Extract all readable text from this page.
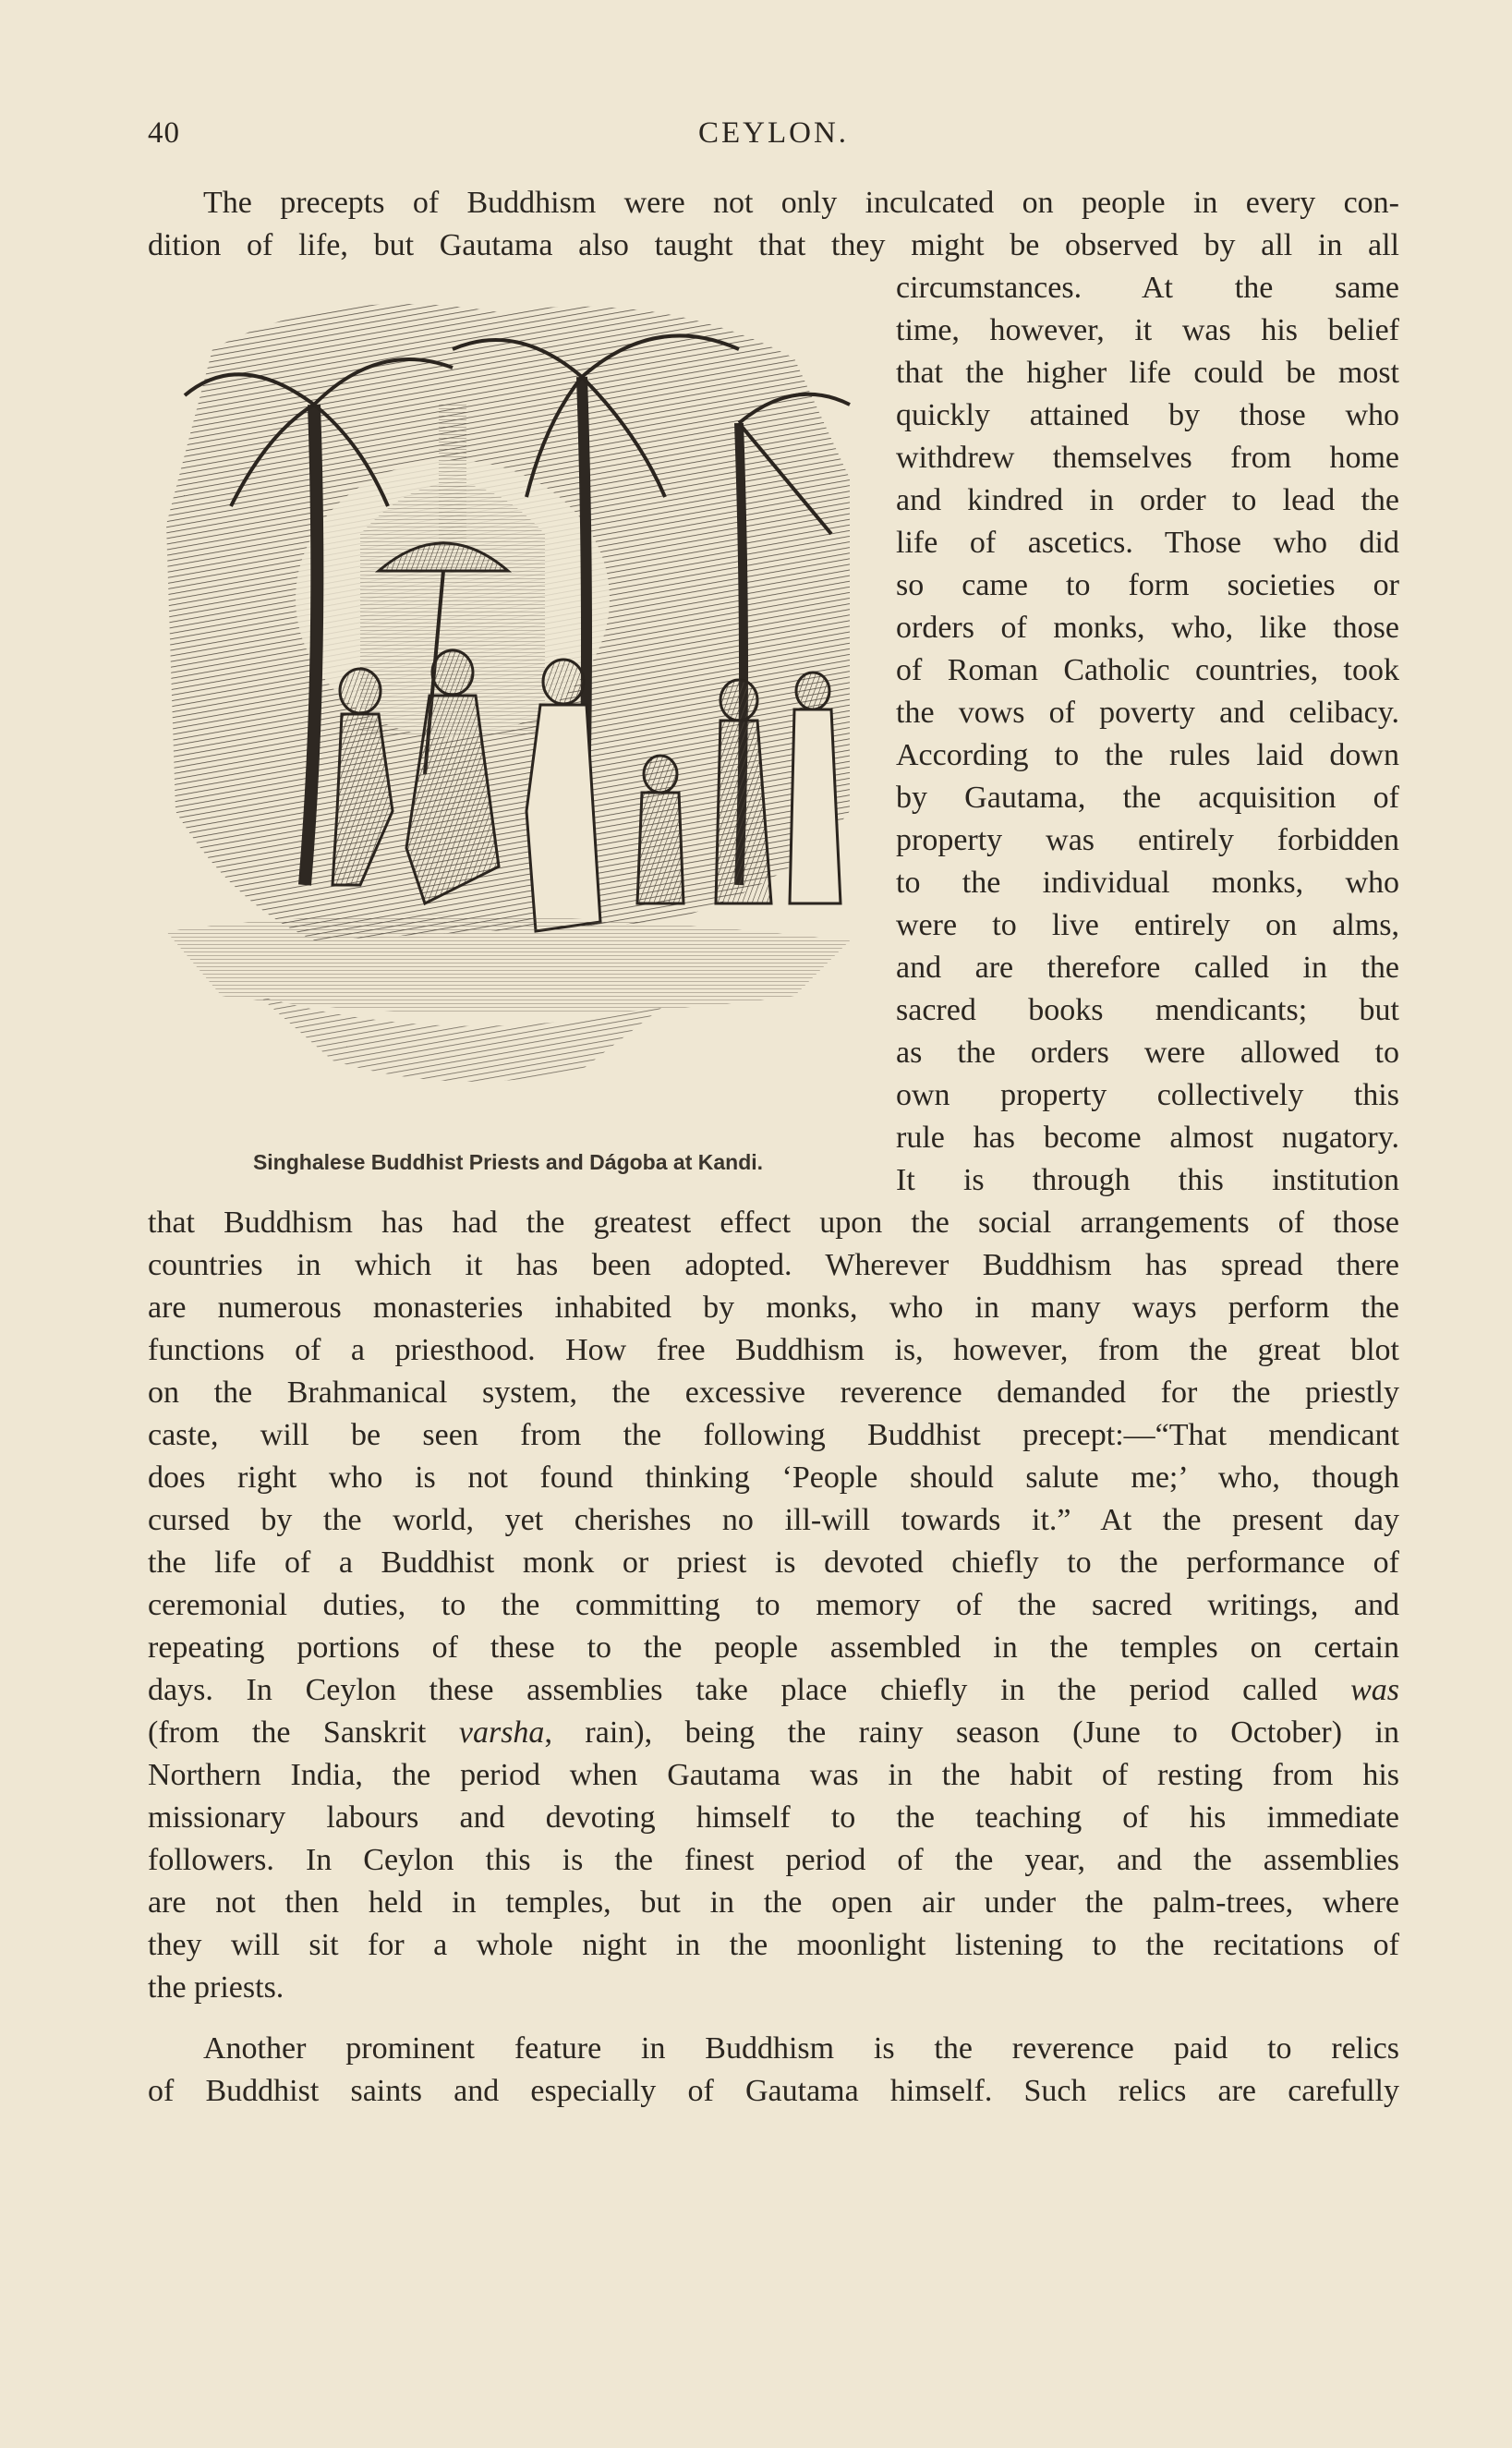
40	CEYLON.
The precepts of Buddhism were not only inculcated on people in every con-
dition of life, but Gautama also taught that they might be observed by all in all
circumstances. At the same
time, however, it was his belief
that the higher life could be most
quickly attained by those who
withdrew themselves from home
and kindred in order to lead the
life of ascetics. Those who did
so came to form societies or
orders of monks, who, like those
of Roman Catholic countries, took
the vows of poverty and celibacy.
According to the rules laid down
by Gautama, the acquisition of
property was entirely forbidden
to the individual monks, who
were to live entirely on alms,
and are therefore called in the
sacred books mendicants; but
as the orders were allowed to
own property collectively this
rule has become almost nugatory.
It is through this institution
Singhalese Buddhist Priests and Dágoba at Kandi.
that Buddhism has had the greatest effect upon the social arrangements of those
countries in which it has been adopted. Wherever Buddhism has spread there
are numerous monasteries inhabited by monks, who in many ways perform the
functions of a priesthood. How free Buddhism is, however, from the great blot
on the Brahmanical system, the excessive reverence demanded for the priestly
caste, will be seen from the following Buddhist precept:—“That mendicant
does right who is not found thinking ‘People should salute me;’ who, though
cursed by the world, yet cherishes no ill-will towards it.” At the present day
the life of a Buddhist monk or priest is devoted chiefly to the performance of
ceremonial duties, to the committing to memory of the sacred writings, and
repeating portions of these to the people assembled in the temples on certain
days. In Ceylon these assemblies take place chiefly in the period called was
(from the Sanskrit varsha, rain), being the rainy season (June to October) in
Northern India, the period when Gautama was in the habit of resting from his
missionary labours and devoting himself to the teaching of his immediate
followers. In Ceylon this is the finest period of the year, and the assemblies
are not then held in temples, but in the open air under the palm-trees, where
they will sit for a whole night in the moonlight listening to the recitations of
the priests.
Another prominent feature in Buddhism is the reverence paid to relics
of Buddhist saints and especially of Gautama himself. Such relics are carefully
